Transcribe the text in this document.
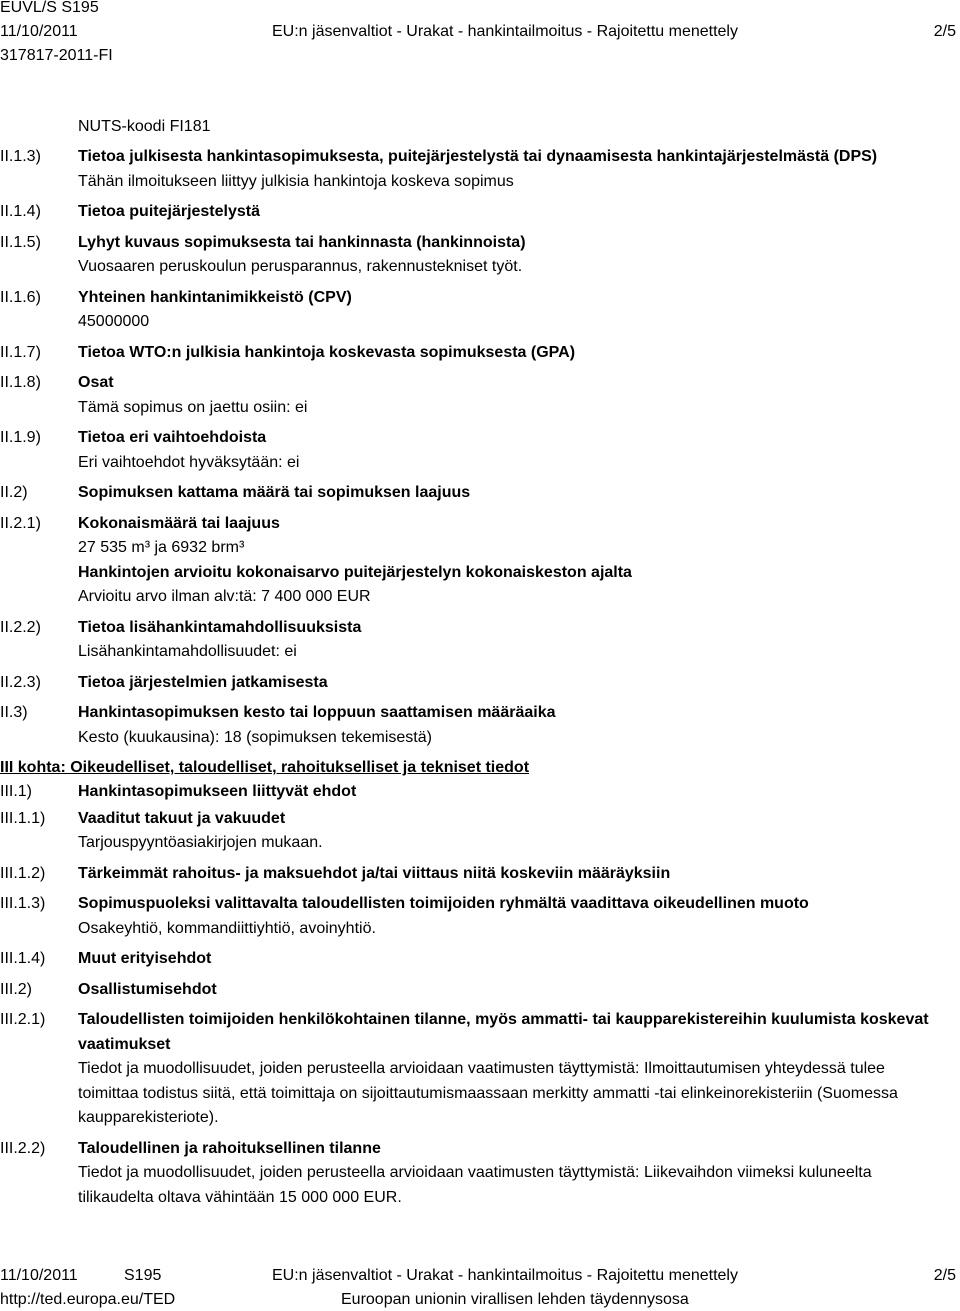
EUVL/S S195
11/10/2011
317817-2011-FI
EU:n jäsenvaltiot - Urakat - hankintailmoitus - Rajoitettu menettely	2/5
NUTS-koodi FI181
II.1.3) Tietoa julkisesta hankintasopimuksesta, puitejärjestelystä tai dynaamisesta hankintajärjestelmästä (DPS)
Tähän ilmoitukseen liittyy julkisia hankintoja koskeva sopimus
II.1.4) Tietoa puitejärjestelystä
II.1.5) Lyhyt kuvaus sopimuksesta tai hankinnasta (hankinnoista)
Vuosaaren peruskoulun perusparannus, rakennustekniset työt.
II.1.6) Yhteinen hankintanimikkeistö (CPV)
45000000
II.1.7) Tietoa WTO:n julkisia hankintoja koskevasta sopimuksesta (GPA)
II.1.8) Osat
Tämä sopimus on jaettu osiin: ei
II.1.9) Tietoa eri vaihtoehdoista
Eri vaihtoehdot hyväksytään: ei
II.2)	Sopimuksen kattama määrä tai sopimuksen laajuus
II.2.1) Kokonaismäärä tai laajuus
27 535 m³ ja 6932 brm³
Hankintojen arvioitu kokonaisarvo puitejärjestelyn kokonaiskeston ajalta
Arvioitu arvo ilman alv:tä: 7 400 000 EUR
II.2.2) Tietoa lisähankintamahdollisuuksista
Lisähankintamahdollisuudet: ei
II.2.3) Tietoa järjestelmien jatkamisesta
II.3)	Hankintasopimuksen kesto tai loppuun saattamisen määräaika
Kesto (kuukausina): 18 (sopimuksen tekemisestä)
III kohta: Oikeudelliset, taloudelliset, rahoitukselliset ja tekniset tiedot
III.1)	Hankintasopimukseen liittyvät ehdot
III.1.1) Vaaditut takuut ja vakuudet
Tarjouspyyntöasiakirjojen mukaan.
III.1.2) Tärkeimmät rahoitus- ja maksuehdot ja/tai viittaus niitä koskeviin määräyksiin
III.1.3) Sopimuspuoleksi valittavalta taloudellisten toimijoiden ryhmältä vaadittava oikeudellinen muoto
Osakeyhtiö, kommandiittiyhtiö, avoinyhtiö.
III.1.4) Muut erityisehdot
III.2)	Osallistumisehdot
III.2.1) Taloudellisten toimijoiden henkilökohtainen tilanne, myös ammatti- tai kaupparekistereihin kuulumista koskevat vaatimukset
Tiedot ja muodollisuudet, joiden perusteella arvioidaan vaatimusten täyttymistä: Ilmoittautumisen yhteydessä tulee toimittaa todistus siitä, että toimittaja on sijoittautumismaassaan merkitty ammatti -tai elinkeinorekisteriin (Suomessa kaupparekisteriote).
III.2.2) Taloudellinen ja rahoituksellinen tilanne
Tiedot ja muodollisuudet, joiden perusteella arvioidaan vaatimusten täyttymistä: Liikevaihdon viimeksi kuluneelta tilikaudelta oltava vähintään 15 000 000 EUR.
11/10/2011	S195	EU:n jäsenvaltiot - Urakat - hankintailmoitus - Rajoitettu menettely	2/5
http://ted.europa.eu/TED	Euroopan unionin virallisen lehden täydennysosa
